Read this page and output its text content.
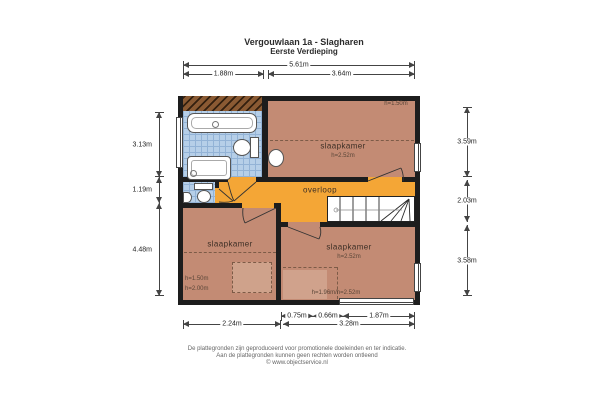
Vergouwlaan 1a - Slagharen
Eerste Verdieping
slaapkamer
h=2.52m
h=1.50m
overloop
slaapkamer
h=1.50m
h=2.00m
slaapkamer
h=2.52m
h=1.96m/h=2.52m
5.61m
1.88m	3.64m
3.13m
1.19m
4.48m
3.59m
2.03m
3.58m
0.75m 0.66m	1.87m
2.24m	3.28m
De plattegronden zijn geproduceerd voor promotionele doeleinden en ter indicatie.
Aan de plattegronden kunnen geen rechten worden ontleend
© www.objectservice.nl
